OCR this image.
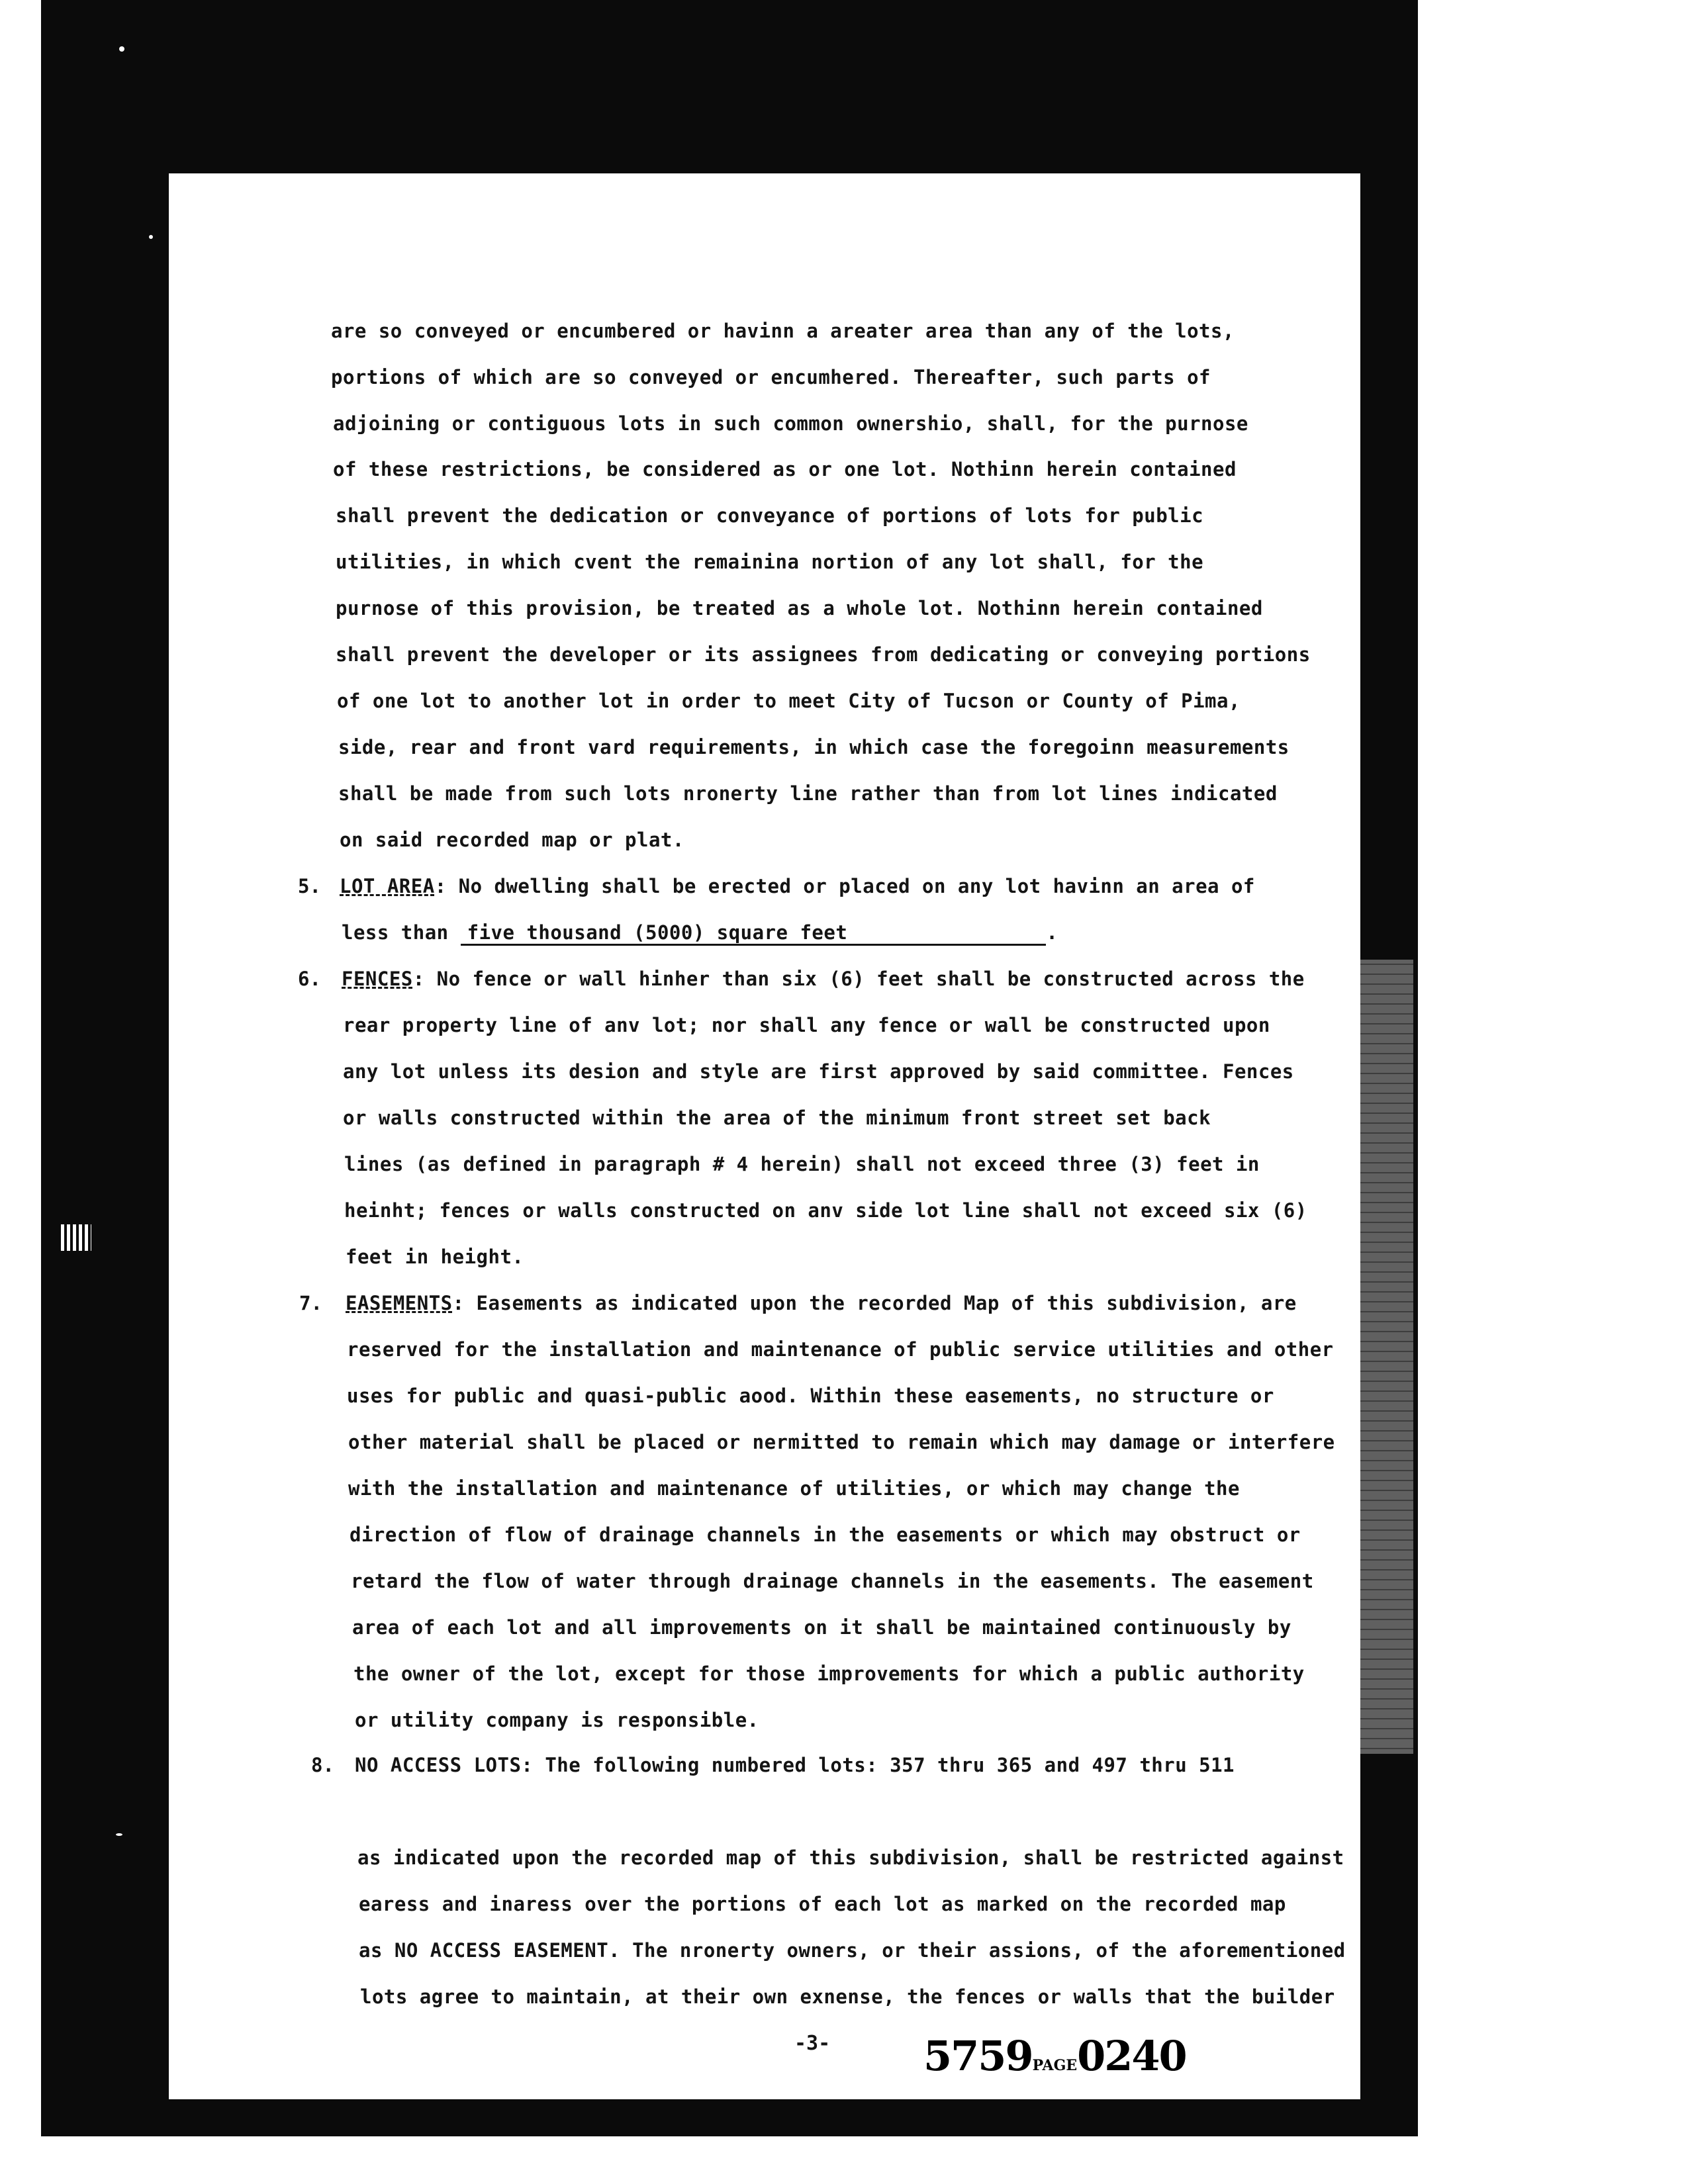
are so conveyed or encumbered or havinn a areater area than any of the lots,
portions of which are so conveyed or encumhered. Thereafter, such parts of
adjoining or contiguous lots in such common ownershio, shall, for the purnose
of these restrictions, be considered as or one lot. Nothinn herein contained
shall prevent the dedication or conveyance of portions of lots for public
utilities, in which cvent the remainina nortion of any lot shall, for the
purnose of this provision, be treated as a whole lot. Nothinn herein contained
shall prevent the developer or its assignees from dedicating or conveying portions
of one lot to another lot in order to meet City of Tucson or County of Pima,
side, rear and front vard requirements, in which case the foregoinn measurements
shall be made from such lots nronerty line rather than from lot lines indicated
on said recorded map or plat.
5. LOT AREA: No dwelling shall be erected or placed on any lot havinn an area of
less than five thousand (5000) square feet	.
6. FENCES: No fence or wall hinher than six (6) feet shall be constructed across the
rear property line of anv lot; nor shall any fence or wall be constructed upon
any lot unless its desion and style are first approved by said committee. Fences
or walls constructed within the area of the minimum front street set back
lines (as defined in paragraph # 4 herein) shall not exceed three (3) feet in
heinht; fences or walls constructed on anv side lot line shall not exceed six (6)
feet in height.
7. EASEMENTS: Easements as indicated upon the recorded Map of this subdivision, are
reserved for the installation and maintenance of public service utilities and other
uses for public and quasi-public aood. Within these easements, no structure or
other material shall be placed or nermitted to remain which may damage or interfere
with the installation and maintenance of utilities, or which may change the
direction of flow of drainage channels in the easements or which may obstruct or
retard the flow of water through drainage channels in the easements. The easement
area of each lot and all improvements on it shall be maintained continuously by
the owner of the lot, except for those improvements for which a public authority
or utility company is responsible.
8. NO ACCESS LOTS: The following numbered lots: 357 thru 365 and 497 thru 511
as indicated upon the recorded map of this subdivision, shall be restricted against
earess and inaress over the portions of each lot as marked on the recorded map
as NO ACCESS EASEMENT. The nronerty owners, or their assions, of the aforementioned
lots agree to maintain, at their own exnense, the fences or walls that the builder
-3- 5759PAGE0240
